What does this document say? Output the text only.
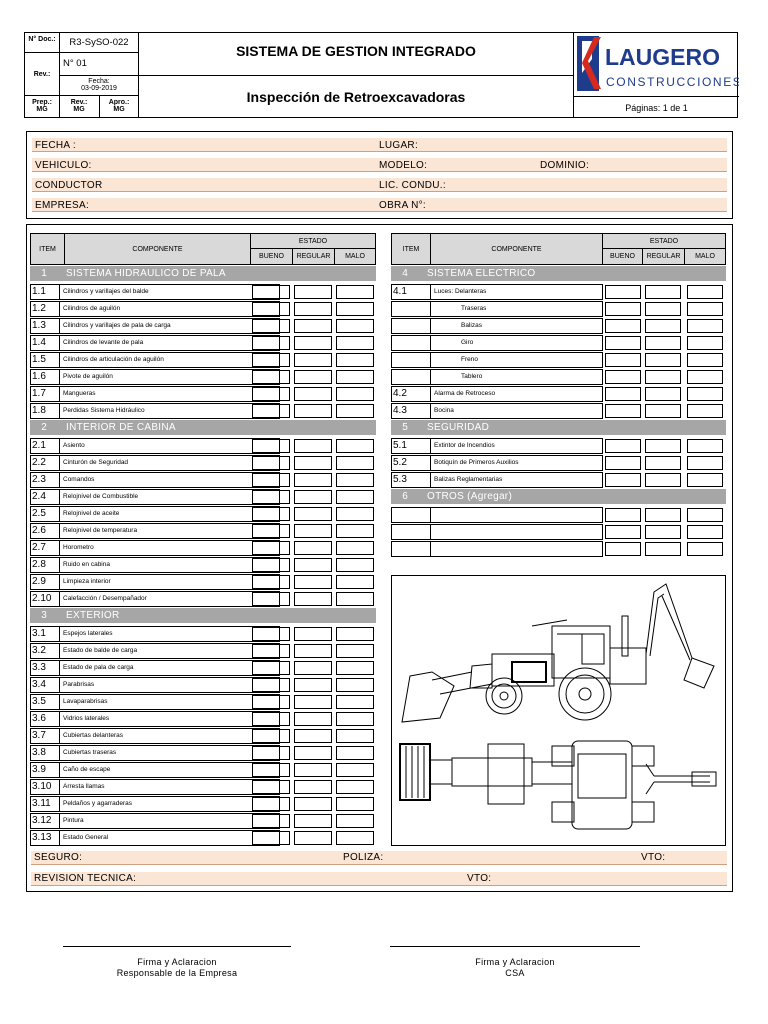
N° Doc.:	R3-SySO-022
Rev.:
N° 01
Fecha:
03-09-2019
Prep.:
MG
Rev.:
MG
Apro.:
MG
SISTEMA DE GESTION INTEGRADO
Inspección de Retroexcavadoras
LAUGERO
CONSTRUCCIONES
Páginas: 1 de 1
FECHA :	LUGAR:
VEHICULO:	MODELO:	DOMINIO:
CONDUCTOR	LIC. CONDU.:
EMPRESA:	OBRA N°:
ITEM	COMPONENTE
ESTADO
BUENO	REGULAR	MALO
1	SISTEMA HIDRAULICO DE PALA
1.1	Cilindros y varillajes del balde
1.2	Cilindros de aguilón
1.3	Cilindros y varillajes de pala de carga
1.4	Cilindros de levante de pala
1.5	Cilindros de articulación de aguilón
1.6	Pivote de aguilón
1.7	Mangueras
1.8	Perdidas Sistema Hidráulico
2	INTERIOR DE CABINA
2.1	Asiento
2.2	Cinturón de Seguridad
2.3	Comandos
2.4	Relojnivel de Combustible
2.5	Relojnivel de aceite
2.6	Relojnivel de temperatura
2.7	Horometro
2.8	Ruido en cabina
2.9	Limpieza interior
2.10	Calefacción / Desempañador
3	EXTERIOR
3.1	Espejos laterales
3.2	Estado de balde de carga
3.3	Estado de pala de carga
3.4	Parabrisas
3.5	Lavaparabrisas
3.6	Vidrios laterales
3.7	Cubiertas delanteras
3.8	Cubiertas traseras
3.9	Caño de escape
3.10	Arresta llamas
3.11	Peldaños y agarraderas
3.12	Pintura
3.13	Estado General
ITEM	COMPONENTE
ESTADO
BUENO	REGULAR	MALO
4	SISTEMA ELECTRICO
4.1	Luces: Delanteras
Traseras
Balizas
Giro
Freno
Tablero
4.2	Alarma de Retroceso
4.3	Bocina
5	SEGURIDAD
5.1	Extintor de Incendios
5.2	Botiquín de Primeros Auxilios
5.3	Balizas Reglamentarias
6	OTROS (Agregar)
SEGURO:	POLIZA:	VTO:
REVISION TECNICA:	VTO:
Firma y Aclaracion
Responsable de la Empresa
Firma y Aclaracion
CSA
